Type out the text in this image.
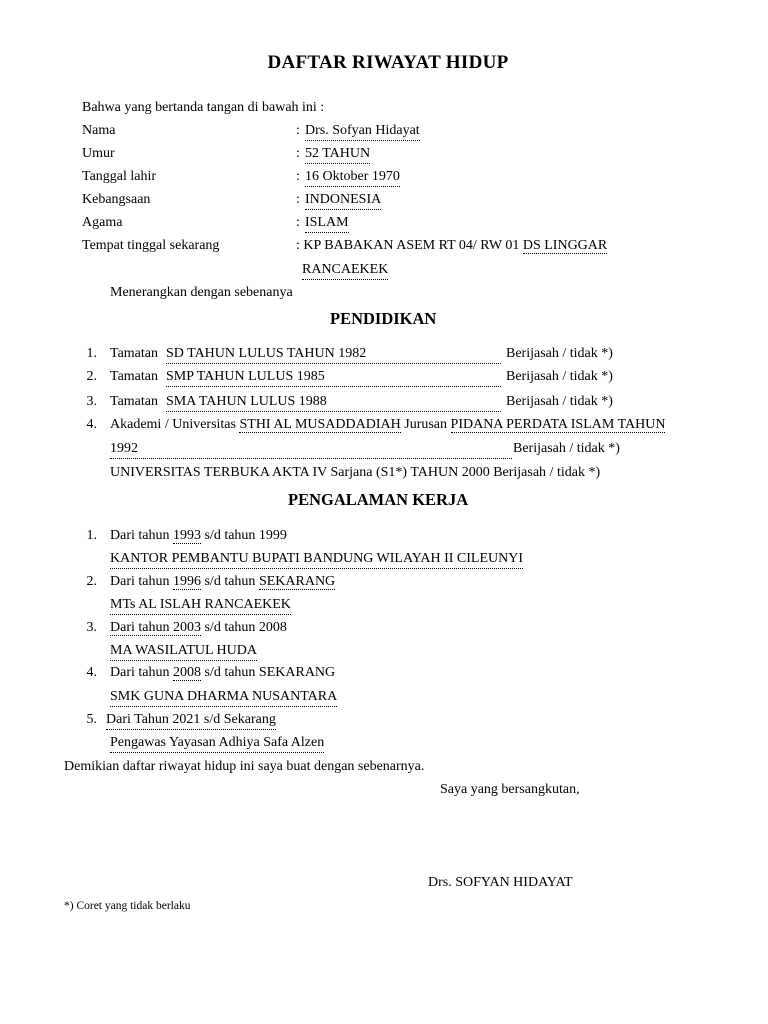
DAFTAR RIWAYAT HIDUP
Bahwa yang bertanda tangan di bawah ini :
Nama	: Drs. Sofyan Hidayat
Umur	: 52 TAHUN
Tanggal lahir	: 16 Oktober 1970
Kebangsaan	: INDONESIA
Agama	: ISLAM
Tempat tinggal sekarang	: KP BABAKAN ASEM RT 04/ RW 01 DS LINGGAR
RANCAEKEK
Menerangkan dengan sebenanya
PENDIDIKAN
1. Tamatan SD TAHUN LULUS TAHUN 1982	Berijasah / tidak *)
2. Tamatan SMP TAHUN LULUS 1985	Berijasah / tidak *)
3. Tamatan SMA TAHUN LULUS 1988	Berijasah / tidak *)
4. Akademi / Universitas STHI AL MUSADDADIAH Jurusan PIDANA PERDATA ISLAM TAHUN
1992	Berijasah / tidak *)
UNIVERSITAS TERBUKA AKTA IV Sarjana (S1*) TAHUN 2000 Berijasah / tidak *)
PENGALAMAN KERJA
1. Dari tahun 1993 s/d tahun 1999
KANTOR PEMBANTU BUPATI BANDUNG WILAYAH II CILEUNYI
2. Dari tahun 1996 s/d tahun SEKARANG
MTs AL ISLAH RANCAEKEK
3. Dari tahun 2003 s/d tahun 2008
MA WASILATUL HUDA
4. Dari tahun 2008 s/d tahun SEKARANG
SMK GUNA DHARMA NUSANTARA
5. Dari Tahun 2021 s/d Sekarang
Pengawas Yayasan Adhiya Safa Alzen
Demikian daftar riwayat hidup ini saya buat dengan sebenarnya.
Saya yang bersangkutan,
Drs. SOFYAN HIDAYAT
*) Coret yang tidak berlaku
